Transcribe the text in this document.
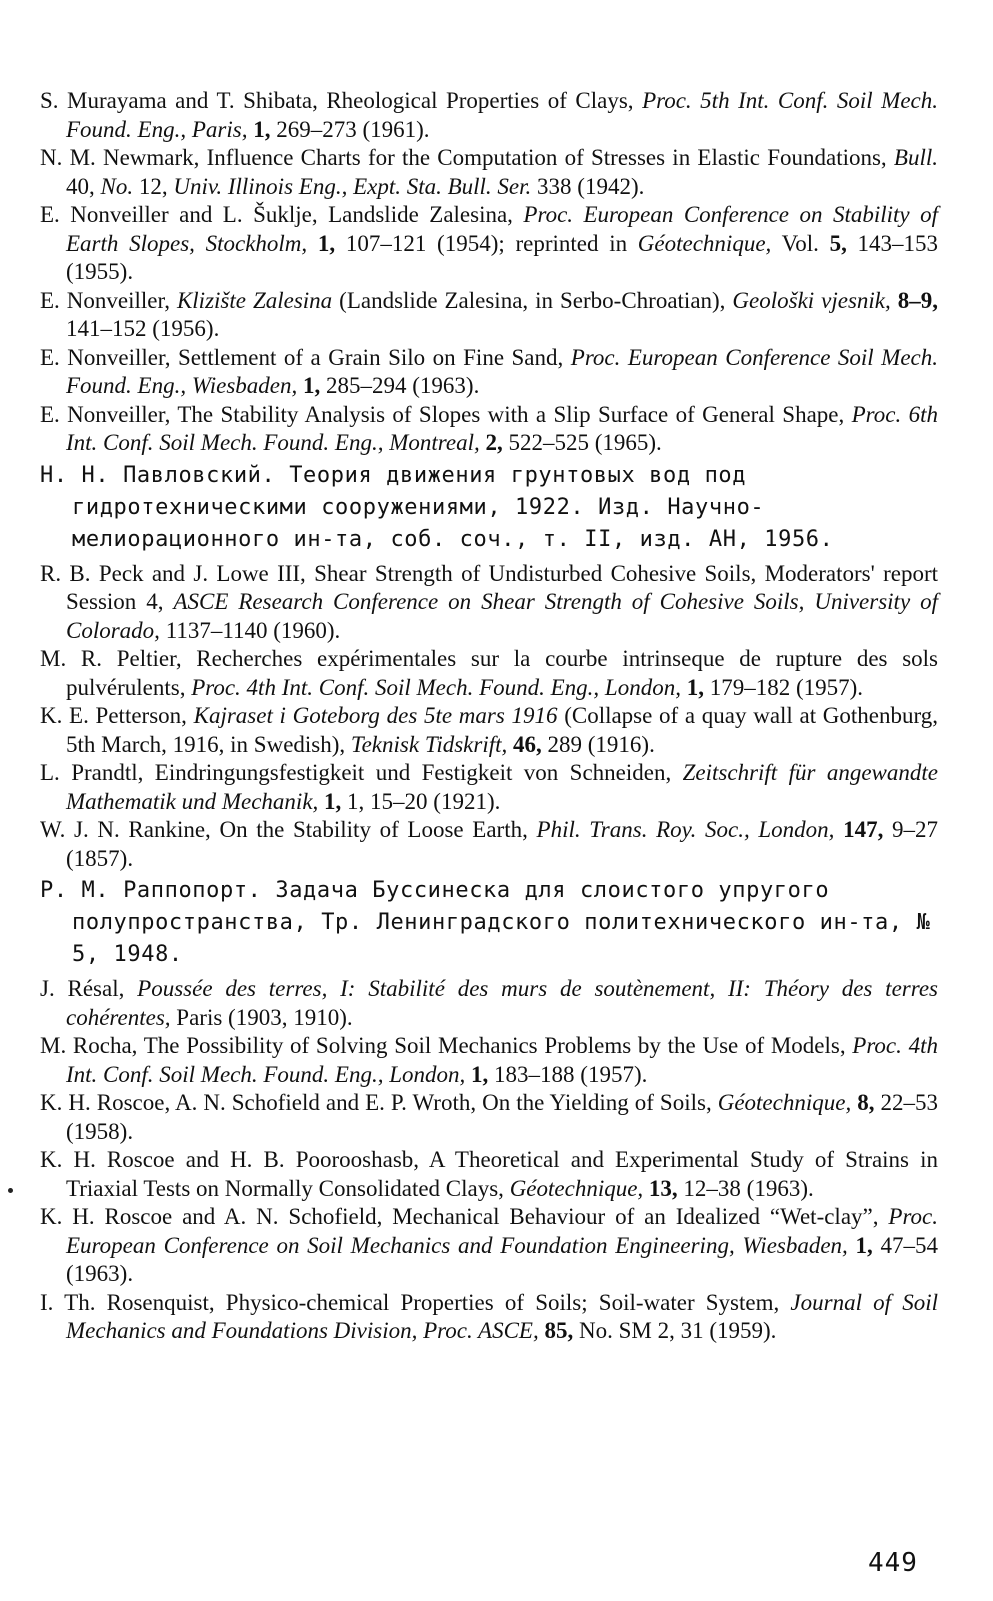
S. Murayama and T. Shibata, Rheological Properties of Clays, Proc. 5th Int. Conf. Soil Mech. Found. Eng., Paris, 1, 269–273 (1961).

N. M. Newmark, Influence Charts for the Computation of Stresses in Elastic Foundations, Bull. 40, No. 12, Univ. Illinois Eng., Expt. Sta. Bull. Ser. 338 (1942).

E. Nonveiller and L. Šuklje, Landslide Zalesina, Proc. European Conference on Stability of Earth Slopes, Stockholm, 1, 107–121 (1954); reprinted in Géotechnique, Vol. 5, 143–153 (1955).

E. Nonveiller, Klizište Zalesina (Landslide Zalesina, in Serbo-Chroatian), Geološki vjesnik, 8–9, 141–152 (1956).

E. Nonveiller, Settlement of a Grain Silo on Fine Sand, Proc. European Conference Soil Mech. Found. Eng., Wiesbaden, 1, 285–294 (1963).

E. Nonveiller, The Stability Analysis of Slopes with a Slip Surface of General Shape, Proc. 6th Int. Conf. Soil Mech. Found. Eng., Montreal, 2, 522–525 (1965).

Н. Н. Павловский. Теория движения грунтовых вод под гидротехническими сооружениями, 1922. Изд. Научно-мелиорационного ин-та, соб. соч., т. II, изд. АН, 1956.

R. B. Peck and J. Lowe III, Shear Strength of Undisturbed Cohesive Soils, Moderators' report Session 4, ASCE Research Conference on Shear Strength of Cohesive Soils, University of Colorado, 1137–1140 (1960).

M. R. Peltier, Recherches expérimentales sur la courbe intrinseque de rupture des sols pulvérulents, Proc. 4th Int. Conf. Soil Mech. Found. Eng., London, 1, 179–182 (1957).

K. E. Petterson, Kajraset i Goteborg des 5te mars 1916 (Collapse of a quay wall at Gothenburg, 5th March, 1916, in Swedish), Teknisk Tidskrift, 46, 289 (1916).

L. Prandtl, Eindringungsfestigkeit und Festigkeit von Schneiden, Zeitschrift für angewandte Mathematik und Mechanik, 1, 1, 15–20 (1921).

W. J. N. Rankine, On the Stability of Loose Earth, Phil. Trans. Roy. Soc., London, 147, 9–27 (1857).

Р. М. Раппопорт. Задача Буссинеска для слоистого упругого полупространства, Тр. Ленинградского политехнического ин-та, № 5, 1948.

J. Résal, Poussée des terres, I: Stabilité des murs de soutènement, II: Théory des terres cohérentes, Paris (1903, 1910).

M. Rocha, The Possibility of Solving Soil Mechanics Problems by the Use of Models, Proc. 4th Int. Conf. Soil Mech. Found. Eng., London, 1, 183–188 (1957).

K. H. Roscoe, A. N. Schofield and E. P. Wroth, On the Yielding of Soils, Géotechnique, 8, 22–53 (1958).

K. H. Roscoe and H. B. Poorooshasb, A Theoretical and Experimental Study of Strains in Triaxial Tests on Normally Consolidated Clays, Géotechnique, 13, 12–38 (1963).

K. H. Roscoe and A. N. Schofield, Mechanical Behaviour of an Idealized “Wet-clay”, Proc. European Conference on Soil Mechanics and Foundation Engineering, Wiesbaden, 1, 47–54 (1963).

I. Th. Rosenquist, Physico-chemical Properties of Soils; Soil-water System, Journal of Soil Mechanics and Foundations Division, Proc. ASCE, 85, No. SM 2, 31 (1959).

449
